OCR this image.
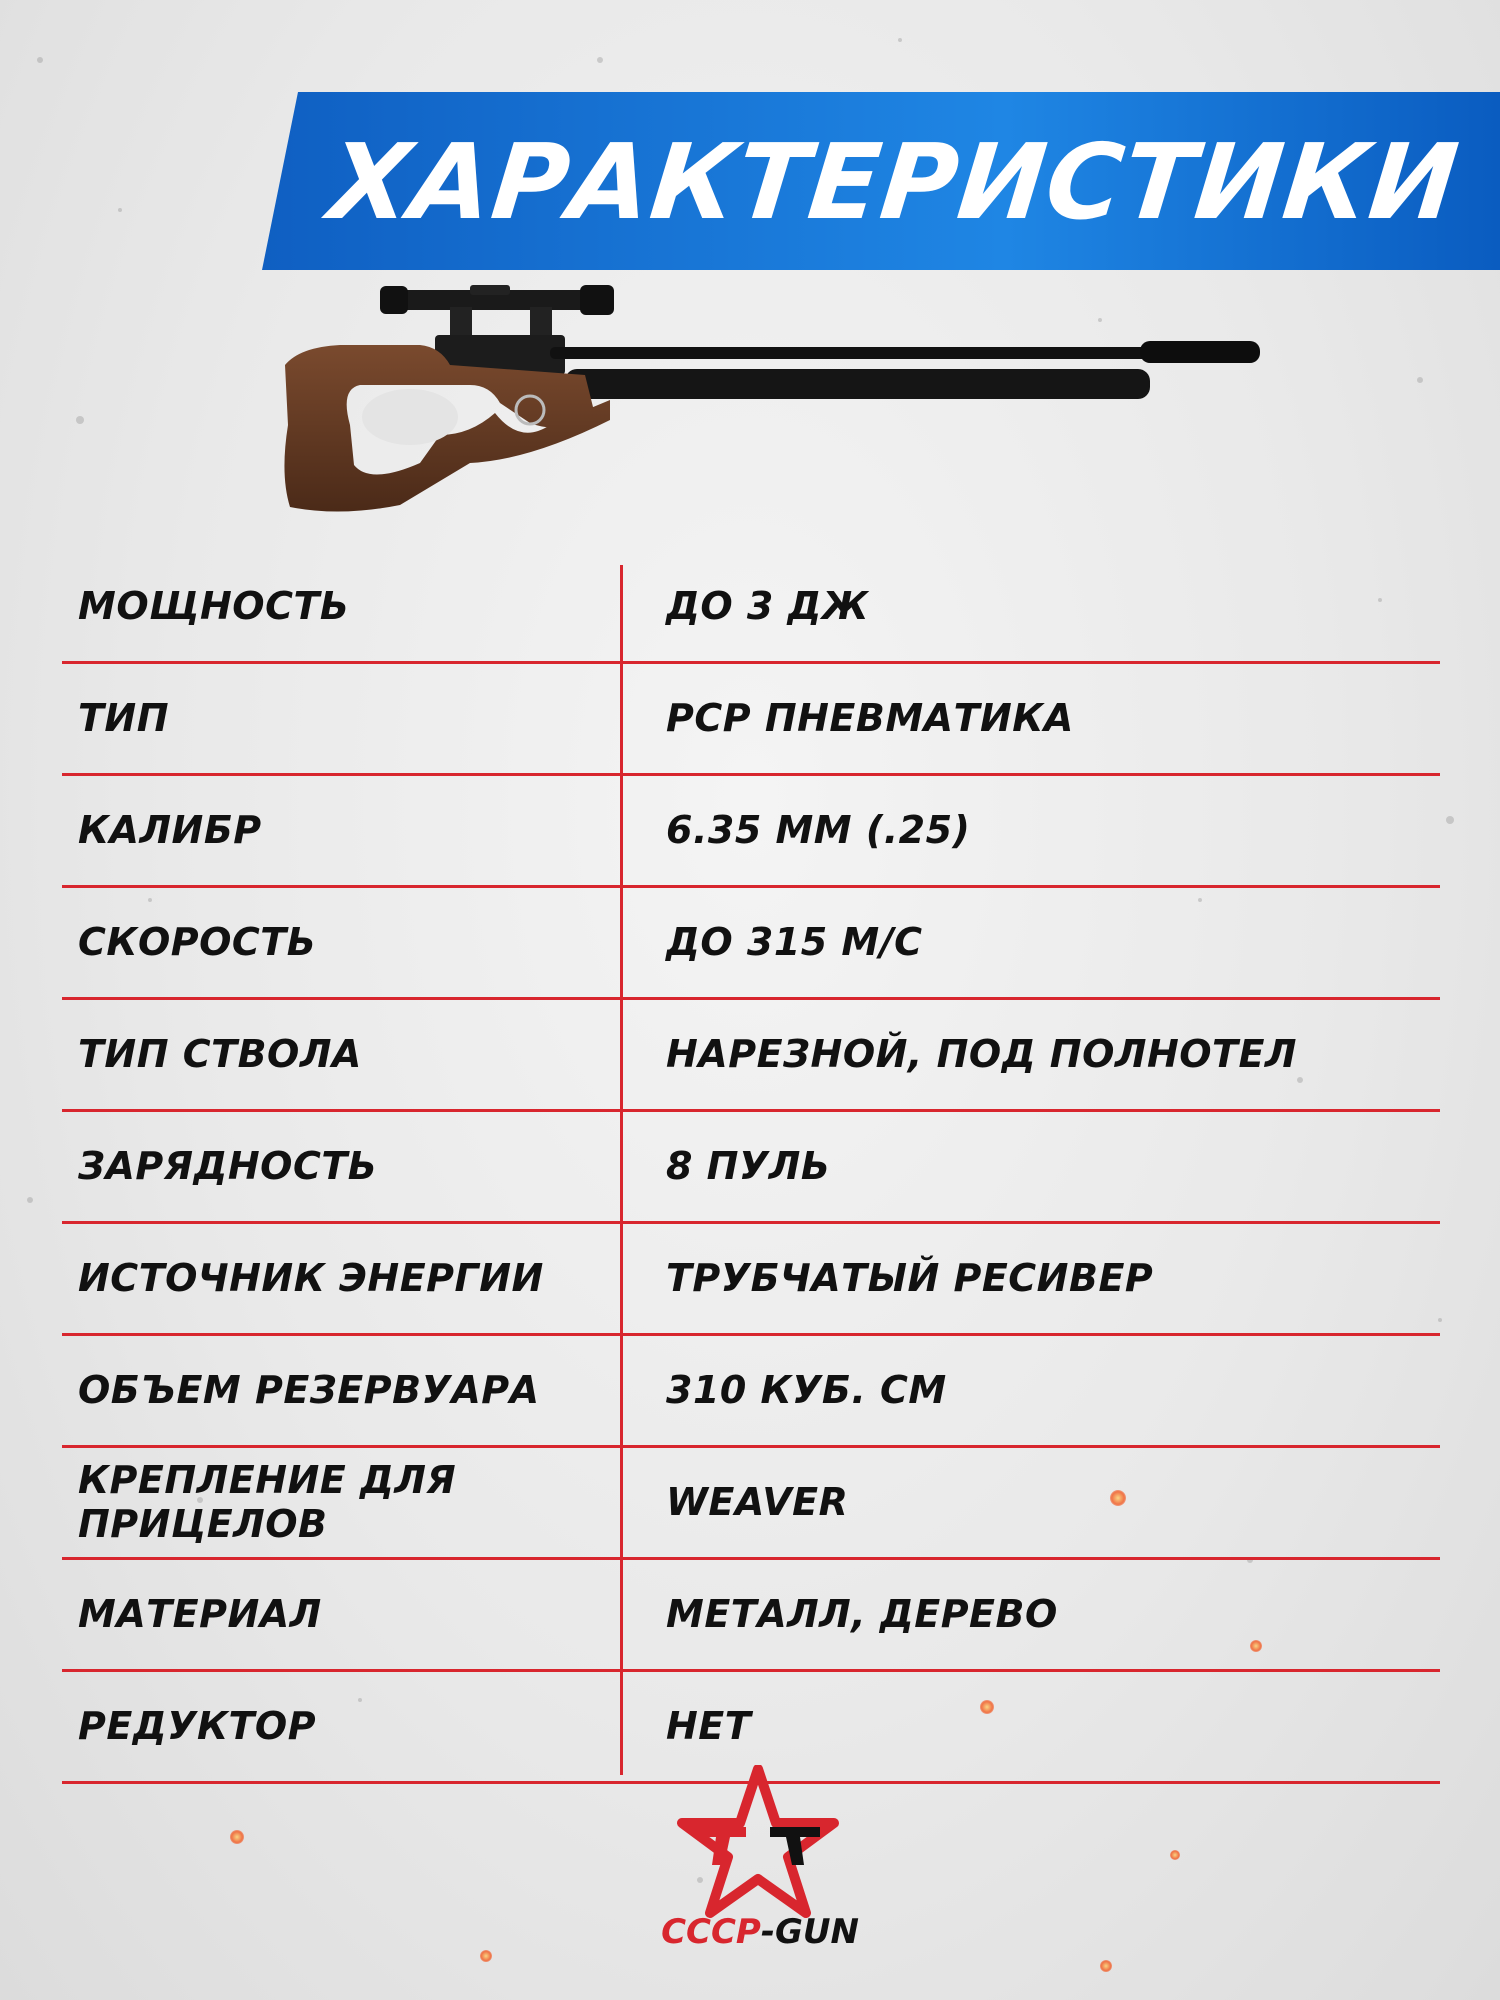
ХАРАКТЕРИСТИКИ
МОЩНОСТЬ	ДО 3 ДЖ
ТИП	PCP ПНЕВМАТИКА
КАЛИБР	6.35 ММ (.25)
СКОРОСТЬ	ДО 315 М/С
ТИП СТВОЛА	НАРЕЗНОЙ, ПОД ПОЛНОТЕЛ
ЗАРЯДНОСТЬ	8 ПУЛЬ
ИСТОЧНИК ЭНЕРГИИ	ТРУБЧАТЫЙ РЕСИВЕР
ОБЪЕМ РЕЗЕРВУАРА	310 КУБ. СМ
КРЕПЛЕНИЕ ДЛЯ ПРИЦЕЛОВ	WEAVER
МАТЕРИАЛ	МЕТАЛЛ, ДЕРЕВО
РЕДУКТОР	НЕТ
СССР-GUN
